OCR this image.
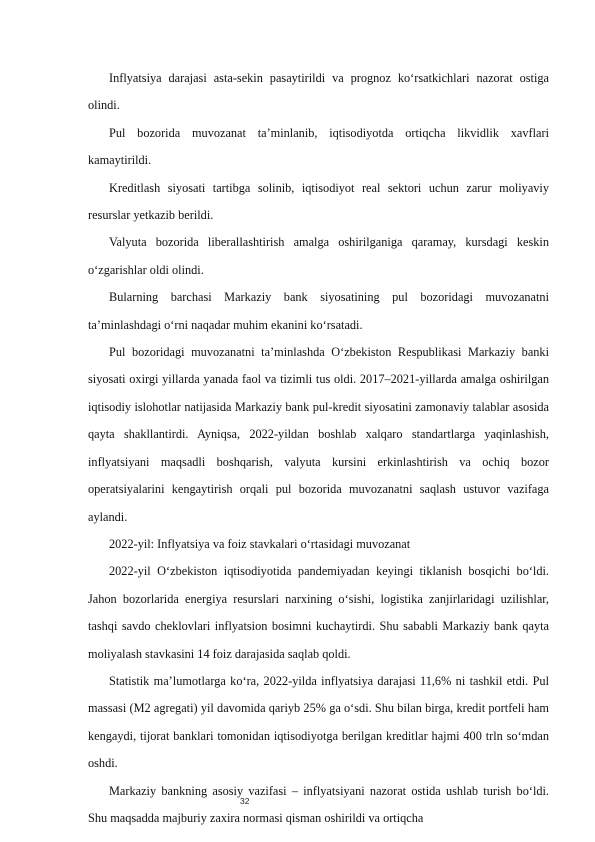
Inflyatsiya darajasi asta-sekin pasaytirildi va prognoz ko‘rsatkichlari nazorat ostiga olindi.

Pul bozorida muvozanat ta’minlanib, iqtisodiyotda ortiqcha likvidlik xavflari kamaytirildi.

Kreditlash siyosati tartibga solinib, iqtisodiyot real sektori uchun zarur moliyaviy resurslar yetkazib berildi.

Valyuta bozorida liberallashtirish amalga oshirilganiga qaramay, kursdagi keskin o‘zgarishlar oldi olindi.

Bularning barchasi Markaziy bank siyosatining pul bozoridagi muvozanatni ta’minlashdagi o‘rni naqadar muhim ekanini ko‘rsatadi.

Pul bozoridagi muvozanatni ta’minlashda O‘zbekiston Respublikasi Markaziy banki siyosati oxirgi yillarda yanada faol va tizimli tus oldi. 2017–2021-yillarda amalga oshirilgan iqtisodiy islohotlar natijasida Markaziy bank pul-kredit siyosatini zamonaviy talablar asosida qayta shakllantirdi. Ayniqsa, 2022-yildan boshlab xalqaro standartlarga yaqinlashish, inflyatsiyani maqsadli boshqarish, valyuta kursini erkinlashtirish va ochiq bozor operatsiyalarini kengaytirish orqali pul bozorida muvozanatni saqlash ustuvor vazifaga aylandi.

2022-yil: Inflyatsiya va foiz stavkalari o‘rtasidagi muvozanat

2022-yil O‘zbekiston iqtisodiyotida pandemiyadan keyingi tiklanish bosqichi bo‘ldi. Jahon bozorlarida energiya resurslari narxining o‘sishi, logistika zanjirlaridagi uzilishlar, tashqi savdo cheklovlari inflyatsion bosimni kuchaytirdi. Shu sababli Markaziy bank qayta moliyalash stavkasini 14 foiz darajasida saqlab qoldi.

Statistik ma’lumotlarga ko‘ra, 2022-yilda inflyatsiya darajasi 11,6% ni tashkil etdi. Pul massasi (M2 agregati) yil davomida qariyb 25% ga o‘sdi. Shu bilan birga, kredit portfeli ham kengaydi, tijorat banklari tomonidan iqtisodiyotga berilgan kreditlar hajmi 400 trln so‘mdan oshdi.

Markaziy bankning asosiy vazifasi – inflyatsiyani nazorat ostida ushlab turish bo‘ldi. Shu maqsadda majburiy zaxira normasi qisman oshirildi va ortiqcha

32
